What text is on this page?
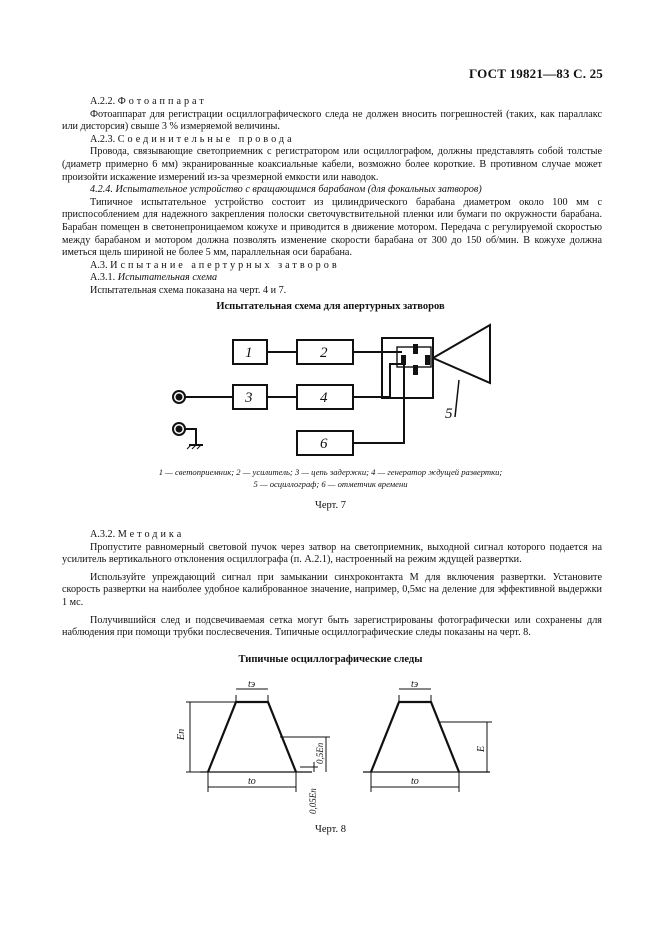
ГОСТ 19821—83 С. 25

А.2.2. Фотоаппарат

Фотоаппарат для регистрации осциллографического следа не должен вносить погрешностей (таких, как параллакс или дисторсия) свыше 3 % измеряемой величины.

А.2.3. Соединительные провода

Провода, связывающие светоприемник с регистратором или осциллографом, должны представлять собой толстые (диаметр примерно 6 мм) экранированные коаксиальные кабели, возможно более короткие. В противном случае может произойти искажение измерений из-за чрезмерной емкости или наводок.

4.2.4. Испытательное устройство с вращающимся барабаном (для фокальных затворов)

Типичное испытательное устройство состоит из цилиндрического барабана диаметром около 100 мм с приспособлением для надежного закрепления полоски светочувствительной пленки или бумаги по окружности барабана. Барабан помещен в светонепроницаемом кожухе и приводится в движение мотором. Передача с регулируемой скоростью между барабаном и мотором должна позволять изменение скорости барабана от 300 до 150 об/мин. В кожухе должна иметься щель шириной не более 5 мм, параллельная оси барабана.

А.3. Испытание апертурных затворов

А.3.1. Испытательная схема

Испытательная схема показана на черт. 4 и 7.

Испытательная схема для апертурных затворов
1	2
3	4
6
5
tэ
tо
Eп
0,5Eп
0,05Eп
tэ
tо
E
1 — светоприемник; 2 — усилитель; 3 — цепь задержки; 4 — генератор ждущей развертки;
5 — осциллограф; 6 — отметчик времени
Черт. 7

А.3.2. Методика

Пропустите равномерный световой пучок через затвор на светоприемник, выходной сигнал которого подается на усилитель вертикального отклонения осциллографа (п. А.2.1), настроенный на режим ждущей развертки.

Используйте упреждающий сигнал при замыкании синхроконтакта М для включения развертки. Установите скорость развертки на наиболее удобное калиброванное значение, например, 0,5мс на деление для эффективной выдержки 1 мс.

Получившийся след и подсвечиваемая сетка могут быть зарегистрированы фотографически или сохранены для наблюдения при помощи трубки послесвечения. Типичные осциллографические следы показаны на черт. 8.

Типичные осциллографические следы
Черт. 8
